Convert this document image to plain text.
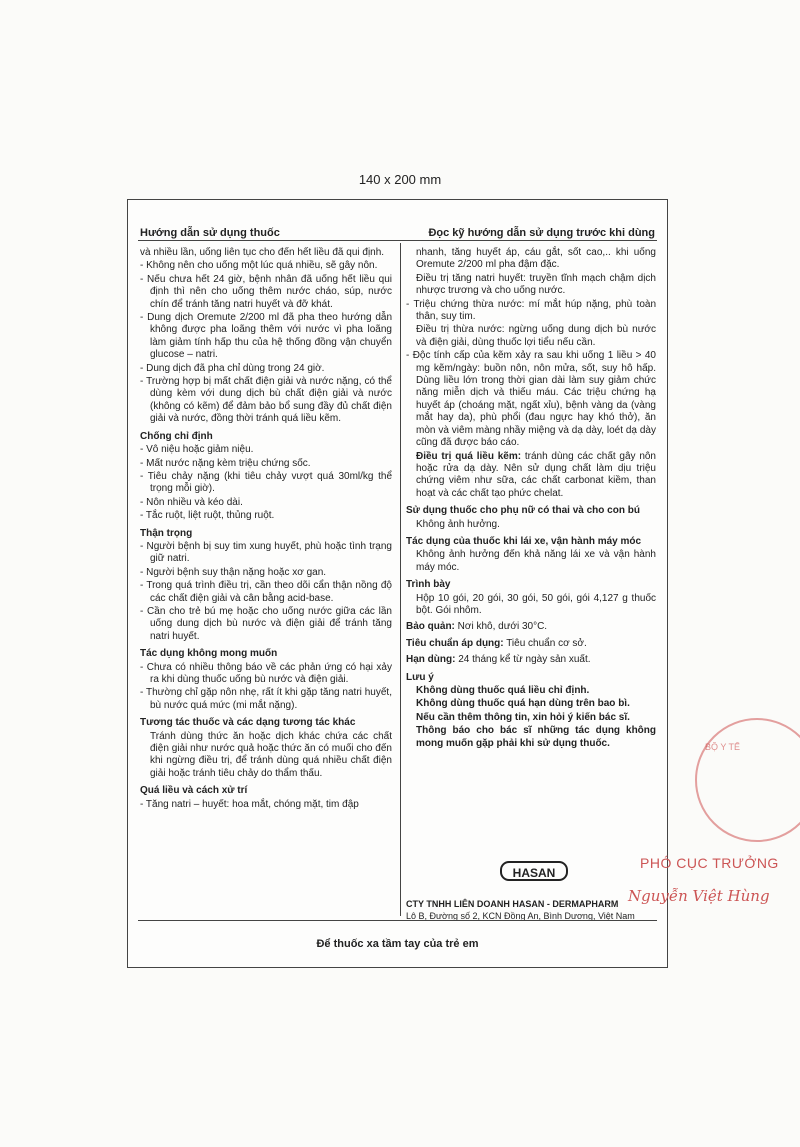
140 x 200 mm
Hướng dẫn sử dụng thuốc	Đọc kỹ hướng dẫn sử dụng trước khi dùng

và nhiều lần, uống liên tục cho đến hết liều đã qui định.

- Không nên cho uống một lúc quá nhiều, sẽ gây nôn.

- Nếu chưa hết 24 giờ, bệnh nhân đã uống hết liều qui định thì nên cho uống thêm nước cháo, súp, nước chín để tránh tăng natri huyết và đỡ khát.

- Dung dịch Oremute 2/200 ml đã pha theo hướng dẫn không được pha loãng thêm với nước vì pha loãng làm giảm tính hấp thu của hệ thống đồng vận chuyển glucose – natri.

- Dung dịch đã pha chỉ dùng trong 24 giờ.

- Trường hợp bị mất chất điện giải và nước nặng, có thể dùng kèm với dung dịch bù chất điện giải và nước (không có kẽm) để đảm bảo bổ sung đầy đủ chất điện giải và nước, đồng thời tránh quá liều kẽm.

Chống chỉ định

- Vô niệu hoặc giảm niệu.

- Mất nước nặng kèm triệu chứng sốc.

- Tiêu chảy nặng (khi tiêu chảy vượt quá 30ml/kg thể trọng mỗi giờ).

- Nôn nhiều và kéo dài.

- Tắc ruột, liệt ruột, thủng ruột.

Thận trọng

- Người bệnh bị suy tim xung huyết, phù hoặc tình trạng giữ natri.

- Người bệnh suy thận nặng hoặc xơ gan.

- Trong quá trình điều trị, cần theo dõi cẩn thận nồng độ các chất điện giải và cân bằng acid-base.

- Cần cho trẻ bú mẹ hoặc cho uống nước giữa các lần uống dung dịch bù nước và điện giải để tránh tăng natri huyết.

Tác dụng không mong muốn

- Chưa có nhiều thông báo về các phản ứng có hại xảy ra khi dùng thuốc uống bù nước và điện giải.

- Thường chỉ gặp nôn nhẹ, rất ít khi gặp tăng natri huyết, bù nước quá mức (mi mắt nặng).

Tương tác thuốc và các dạng tương tác khác

Tránh dùng thức ăn hoặc dịch khác chứa các chất điện giải như nước quả hoặc thức ăn có muối cho đến khi ngừng điều trị, để tránh dùng quá nhiều chất điện giải hoặc tránh tiêu chảy do thẩm thấu.

Quá liều và cách xử trí

- Tăng natri – huyết: hoa mắt, chóng mặt, tim đập

nhanh, tăng huyết áp, cáu gắt, sốt cao,.. khi uống Oremute 2/200 ml pha đậm đặc.

Điều trị tăng natri huyết: truyền tĩnh mạch chậm dịch nhược trương và cho uống nước.

- Triệu chứng thừa nước: mí mắt húp nặng, phù toàn thân, suy tim.

Điều trị thừa nước: ngừng uống dung dịch bù nước và điện giải, dùng thuốc lợi tiểu nếu cần.

- Độc tính cấp của kẽm xảy ra sau khi uống 1 liều > 40 mg kẽm/ngày: buồn nôn, nôn mửa, sốt, suy hô hấp. Dùng liều lớn trong thời gian dài làm suy giảm chức năng miễn dịch và thiếu máu. Các triệu chứng hạ huyết áp (choáng mặt, ngất xỉu), bệnh vàng da (vàng mắt hay da), phù phổi (đau ngực hay khó thở), ăn mòn và viêm màng nhầy miệng và dạ dày, loét dạ dày cũng đã được báo cáo.

Điều trị quá liều kẽm: tránh dùng các chất gây nôn hoặc rửa dạ dày. Nên sử dụng chất làm dịu triệu chứng viêm như sữa, các chất carbonat kiềm, than hoạt và các chất tạo phức chelat.

Sử dụng thuốc cho phụ nữ có thai và cho con bú

Không ảnh hưởng.

Tác dụng của thuốc khi lái xe, vận hành máy móc

Không ảnh hưởng đến khả năng lái xe và vận hành máy móc.

Trình bày

Hộp 10 gói, 20 gói, 30 gói, 50 gói, gói 4,127 g thuốc bột. Gói nhôm.

Bảo quản: Nơi khô, dưới 30°C.

Tiêu chuẩn áp dụng: Tiêu chuẩn cơ sở.

Hạn dùng: 24 tháng kể từ ngày sản xuất.

Lưu ý

Không dùng thuốc quá liều chỉ định.

Không dùng thuốc quá hạn dùng trên bao bì.

Nếu cần thêm thông tin, xin hỏi ý kiến bác sĩ.

Thông báo cho bác sĩ những tác dụng không mong muốn gặp phải khi sử dụng thuốc.

HASAN
CTY TNHH LIÊN DOANH HASAN - DERMAPHARM
Lô B, Đường số 2, KCN Đồng An, Bình Dương, Việt Nam
Để thuốc xa tầm tay của trẻ em
BỘ Y TẾ
PHÓ CỤC TRƯỞNG
Nguyễn Việt Hùng
